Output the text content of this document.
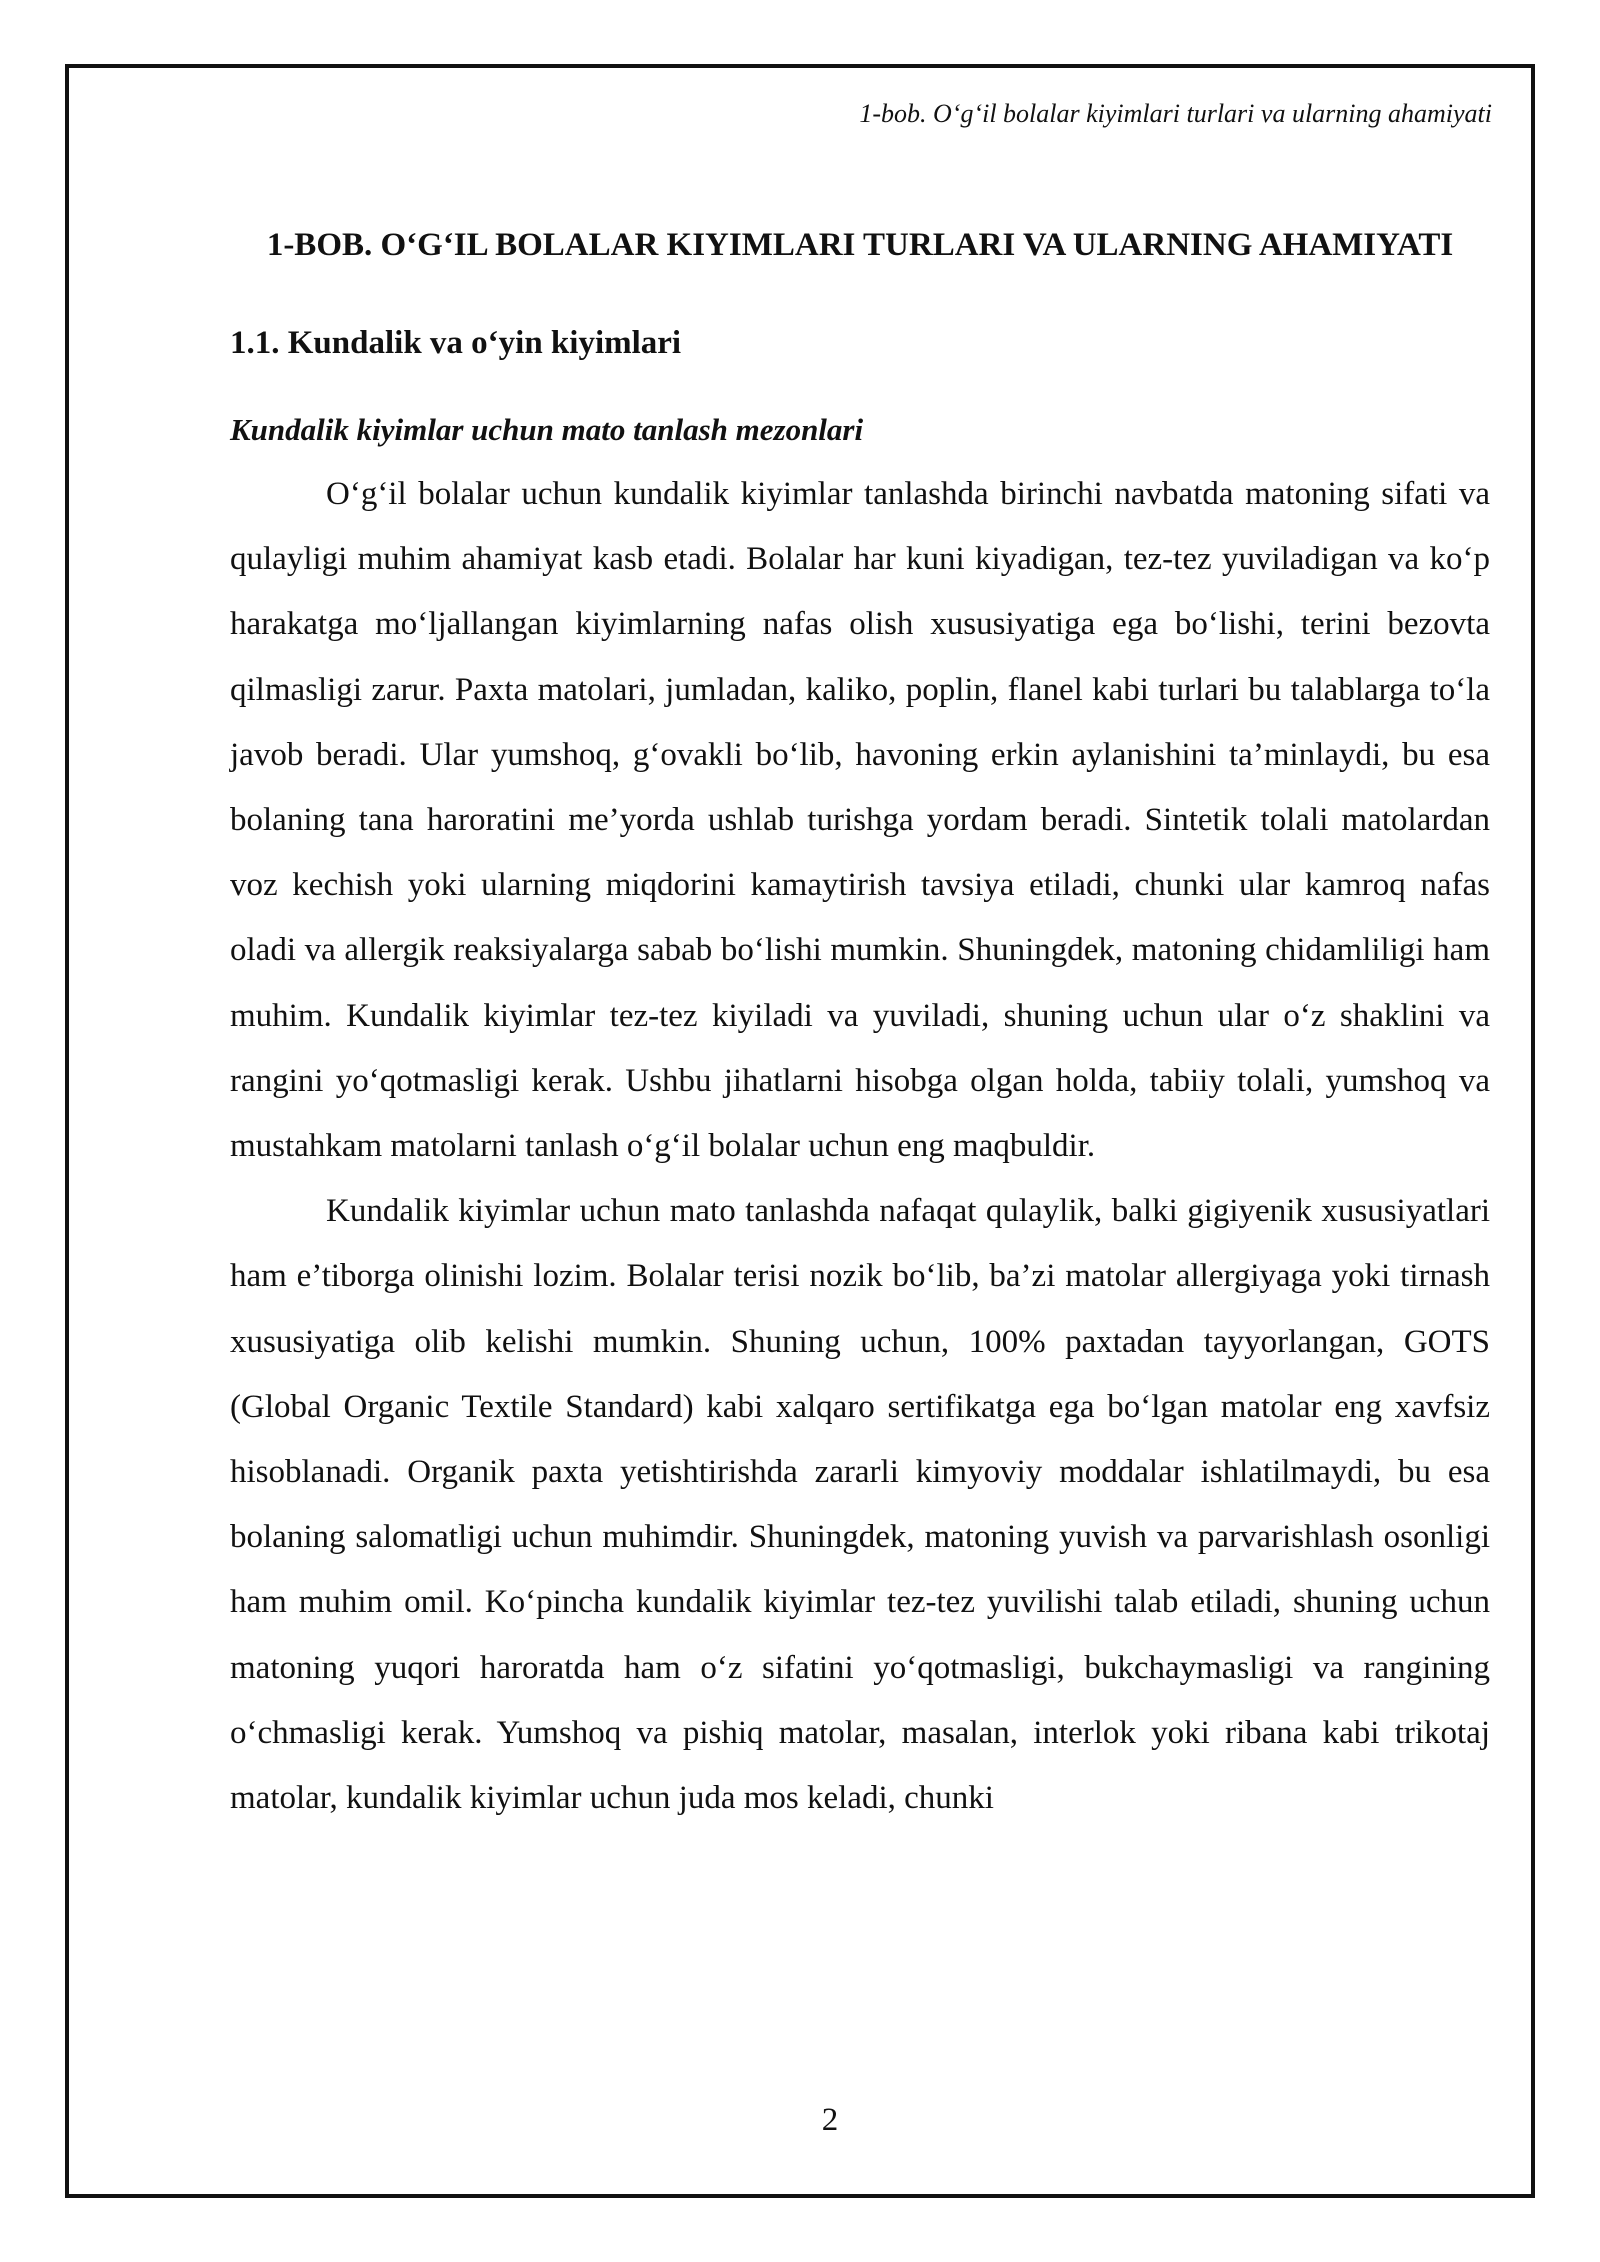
1-bob. O‘g‘il bolalar kiyimlari turlari va ularning ahamiyati
1-BOB. O‘G‘IL BOLALAR KIYIMLARI TURLARI VA ULARNING AHAMIYATI
1.1. Kundalik va o‘yin kiyimlari
Kundalik kiyimlar uchun mato tanlash mezonlari

O‘g‘il bolalar uchun kundalik kiyimlar tanlashda birinchi navbatda matoning sifati va qulayligi muhim ahamiyat kasb etadi. Bolalar har kuni kiyadigan, tez-tez yuviladigan va ko‘p harakatga mo‘ljallangan kiyimlarning nafas olish xususiyatiga ega bo‘lishi, terini bezovta qilmasligi zarur. Paxta matolari, jumladan, kaliko, poplin, flanel kabi turlari bu talablarga to‘la javob beradi. Ular yumshoq, g‘ovakli bo‘lib, havoning erkin aylanishini ta’minlaydi, bu esa bolaning tana haroratini me’yorda ushlab turishga yordam beradi. Sintetik tolali matolardan voz kechish yoki ularning miqdorini kamaytirish tavsiya etiladi, chunki ular kamroq nafas oladi va allergik reaksiyalarga sabab bo‘lishi mumkin. Shuningdek, matoning chidamliligi ham muhim. Kundalik kiyimlar tez-tez kiyiladi va yuviladi, shuning uchun ular o‘z shaklini va rangini yo‘qotmasligi kerak. Ushbu jihatlarni hisobga olgan holda, tabiiy tolali, yumshoq va mustahkam matolarni tanlash o‘g‘il bolalar uchun eng maqbuldir.

Kundalik kiyimlar uchun mato tanlashda nafaqat qulaylik, balki gigiyenik xususiyatlari ham e’tiborga olinishi lozim. Bolalar terisi nozik bo‘lib, ba’zi matolar allergiyaga yoki tirnash xususiyatiga olib kelishi mumkin. Shuning uchun, 100% paxtadan tayyorlangan, GOTS (Global Organic Textile Standard) kabi xalqaro sertifikatga ega bo‘lgan matolar eng xavfsiz hisoblanadi. Organik paxta yetishtirishda zararli kimyoviy moddalar ishlatilmaydi, bu esa bolaning salomatligi uchun muhimdir. Shuningdek, matoning yuvish va parvarishlash osonligi ham muhim omil. Ko‘pincha kundalik kiyimlar tez-tez yuvilishi talab etiladi, shuning uchun matoning yuqori haroratda ham o‘z sifatini yo‘qotmasligi, bukchaymasligi va rangining o‘chmasligi kerak. Yumshoq va pishiq matolar, masalan, interlok yoki ribana kabi trikotaj matolar, kundalik kiyimlar uchun juda mos keladi, chunki

2
